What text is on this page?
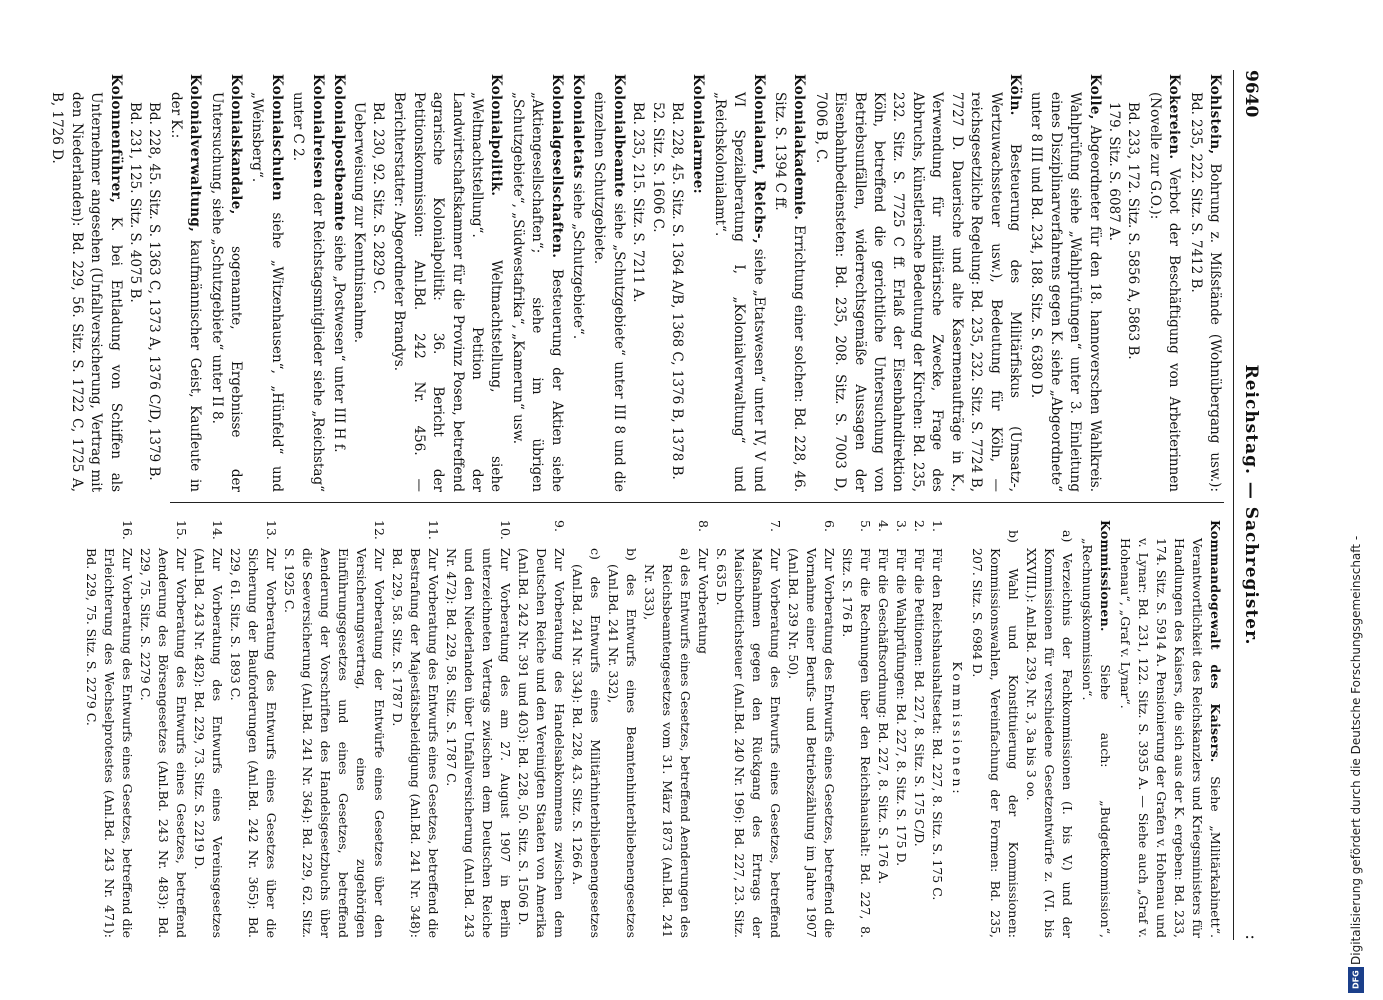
9640
Reichstag. — Sachregister.
:
Kohlstein, Bohrung z. Mißstände (Wohnübergang usw.): Bd. 235, 222. Sitz. S. 7412 B.
Kokereien. Verbot der Beschäftigung von Arbeiterinnen (Novelle zur G.O.):
Bd. 233, 172. Sitz. S. 5856 A, 5863 B.
179. Sitz. S. 6087 A.
Kolle, Abgeordneter für den 18. hannoverschen Wahlkreis. Wahlprüfung siehe „Wahlprüfungen“ unter 3. Einleitung eines Disziplinarverfahrens gegen K. siehe „Abgeordnete“ unter 8 III und Bd. 234, 188. Sitz. S. 6380 D.
Köln. Besteuerung des Militärfiskus (Umsatz-, Wertzuwachssteuer usw.), Bedeutung für Köln, — reichsgesetzliche Regelung: Bd. 235, 232. Sitz. S. 7724 B, 7727 D. Dauerische und alte Kasernenaufträge in K., Verwendung für militärische Zwecke, Frage des Abbruchs, künstlerische Bedeutung der Kirchen: Bd. 235, 232. Sitz. S. 7725 C ff. Erlaß der Eisenbahndirektion Köln, betreffend die gerichtliche Untersuchung von Betriebsunfällen, widerrechtsgemäße Aussagen der Eisenbahnbediensteten: Bd. 235, 208. Sitz. S. 7003 D, 7006 B, C.
Kolonialakademie. Errichtung einer solchen: Bd. 228, 46. Sitz. S. 1394 C ff.
Kolonialamt, Reichs-, siehe „Etatswesen“ unter IV, V und VI Spezialberatung I, „Kolonialverwaltung“ und „Reichskolonialamt“.
Kolonialarmee:
Bd. 228, 45. Sitz. S. 1364 A/B, 1368 C, 1376 B, 1378 B.
52. Sitz. S. 1606 C.
Bd. 235, 215. Sitz. S. 7211 A.
Kolonialbeamte siehe „Schutzgebiete“ unter III 8 und die einzelnen Schutzgebiete.
Kolonialetats siehe „Schutzgebiete“.
Kolonialgesellschaften. Besteuerung der Aktien siehe „Aktiengesellschaften“; siehe im übrigen „Schutzgebiete“, „Südwestafrika“, „Kamerun“ usw.
Kolonialpolitik. Weltmachtstellung, siehe „Weltmachtstellung“. Petition der Landwirtschaftskammer für die Provinz Posen, betreffend agrarische Kolonialpolitik: 36. Bericht der Petitionskommission: Anl.Bd. 242 Nr. 456. — Berichterstatter: Abgeordneter Brandys.
Bd. 230, 92. Sitz. S. 2829 C.
Ueberweisung zur Kenntnisnahme.
Kolonialpostbeamte siehe „Postwesen“ unter III H f.
Kolonialreisen der Reichstagsmitglieder siehe „Reichstag“ unter C 2.
Kolonialschulen siehe „Witzenhausen“, „Hünfeld“ und „Weinsberg“.
Kolonialskandale, sogenannte, Ergebnisse der Untersuchung, siehe „Schutzgebiete“ unter II 8.
Kolonialverwaltung, kaufmännischer Geist, Kaufleute in der K.:
Bd. 228, 45. Sitz. S. 1363 C, 1373 A, 1376 C/D, 1379 B.
Bd. 231, 125. Sitz. S. 4075 B.
Kolonnenführer, K. bei Entladung von Schiffen als Unternehmer angesehen (Unfallversicherung, Vertrag mit den Niederlanden): Bd. 229, 56. Sitz. S. 1722 C, 1725 A, B, 1726 D.
Kommandogewalt des Kaisers. Siehe „Militärkabinett“. Verantwortlichkeit des Reichskanzlers und Kriegsministers für Handlungen des Kaisers, die sich aus der K. ergeben: Bd. 233, 174. Sitz. S. 5914 A. Pensionierung der Grafen v. Hohenau und v. Lynar: Bd. 231, 122. Sitz. S. 3935 A. — Siehe auch „Graf v. Hohenau“, „Graf v. Lynar“.
Kommissionen. Siehe auch: „Budgetkommission“, „Rechnungskommission“.
a) Verzeichnis der Fachkommissionen (I. bis V.) und der Kommissionen für verschiedene Gesetzentwürfe z. (VI. bis XXVIII.): Anl.Bd. 239, Nr. 3, 3a bis 3 oo.
b) Wahl und Konstituierung der Kommissionen: Kommissionswahlen, Vereinfachung der Formen: Bd. 235, 207. Sitz. S. 6984 D.
Kommissionen:
1.Für den Reichshaushaltsetat: Bd. 227, 8. Sitz. S. 175 C.
2.Für die Petitionen: Bd. 227, 8. Sitz. S. 175 C/D.
3.Für die Wahlprüfungen: Bd. 227, 8. Sitz. S. 175 D.
4.Für die Geschäftsordnung: Bd. 227, 8. Sitz. S. 176 A.
5.Für die Rechnungen über den Reichshaushalt: Bd. 227, 8. Sitz. S. 176 B.
6.Zur Vorberatung des Entwurfs eines Gesetzes, betreffend die Vornahme einer Berufs- und Betriebszählung im Jahre 1907 (Anl.Bd. 239 Nr. 50).
7.Zur Vorberatung des Entwurfs eines Gesetzes, betreffend Maßnahmen gegen den Rückgang des Ertrags der Maischbottichsteuer (Anl.Bd. 240 Nr. 196): Bd. 227, 23. Sitz. S. 635 D.
8.Zur Vorberatung
a) des Entwurfs eines Gesetzes, betreffend Aenderungen des Reichsbeamtengesetzes vom 31. März 1873 (Anl.Bd. 241 Nr. 333),
b) des Entwurfs eines Beamtenhinterbliebenengesetzes (Anl.Bd. 241 Nr. 332),
c) des Entwurfs eines Militärhinterbliebenengesetzes (Anl.Bd. 241 Nr. 334): Bd. 228, 43. Sitz. S. 1266 A.
9.Zur Vorberatung des Handelsabkommens zwischen dem Deutschen Reiche und den Vereinigten Staaten von Amerika (Anl.Bd. 242 Nr. 391 und 403): Bd. 228, 50. Sitz. S. 1506 D.
10.Zur Vorberatung des am 27. August 1907 in Berlin unterzeichneten Vertrags zwischen dem Deutschen Reiche und den Niederlanden über Unfallversicherung (Anl.Bd. 243 Nr. 472): Bd. 229, 58. Sitz. S. 1787 C.
11.Zur Vorberatung des Entwurfs eines Gesetzes, betreffend die Bestrafung der Majestätsbeleidigung (Anl.Bd. 241 Nr. 348): Bd. 229, 58. Sitz. S. 1787 D.
12.Zur Vorberatung der Entwürfe eines Gesetzes über den Versicherungsvertrag, eines zugehörigen Einführungsgesetzes und eines Gesetzes, betreffend Aenderung der Vorschriften des Handelsgesetzbuchs über die Seeversicherung (Anl.Bd. 241 Nr. 364): Bd. 229, 62. Sitz. S. 1925 C.
13.Zur Vorberatung des Entwurfs eines Gesetzes über die Sicherung der Bauforderungen (Anl.Bd. 242 Nr. 365): Bd. 229, 61. Sitz. S. 1893 C.
14.Zur Vorberatung des Entwurfs eines Vereinsgesetzes (Anl.Bd. 243 Nr. 482): Bd. 229, 73. Sitz. S. 2219 D.
15.Zur Vorberatung des Entwurfs eines Gesetzes, betreffend Aenderung des Börsengesetzes (Anl.Bd. 243 Nr. 483): Bd. 229, 75. Sitz. S. 2279 C.
16.Zur Vorberatung des Entwurfs eines Gesetzes, betreffend die Erleichterung des Wechselprotestes (Anl.Bd. 243 Nr. 471): Bd. 229, 75. Sitz. S. 2279 C.	Digitalisierung gefördert durch die Deutsche Forschungsgemeinschaft -
DFG
